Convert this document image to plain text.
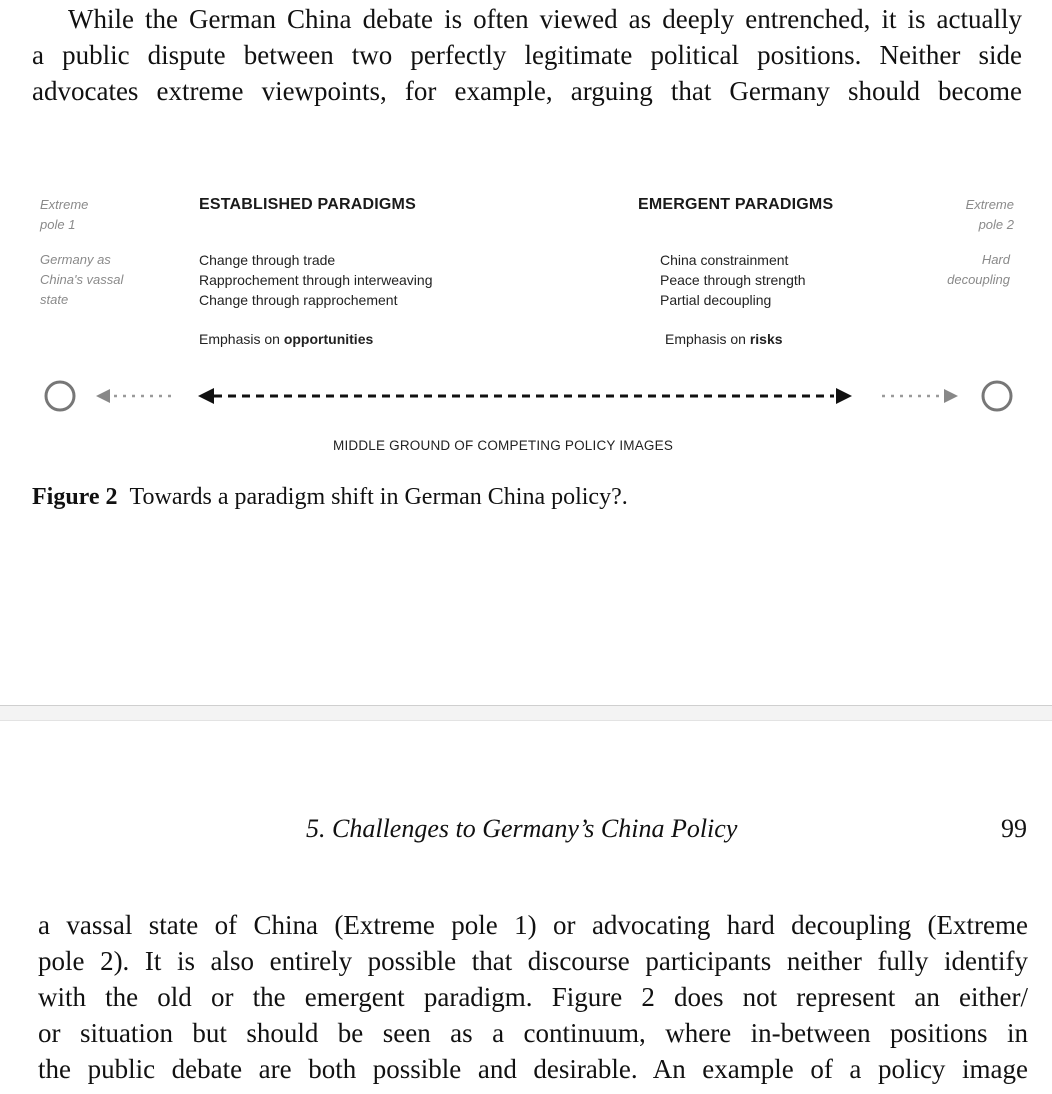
While the German China debate is often viewed as deeply entrenched, it is actually
a public dispute between two perfectly legitimate political positions. Neither side
advocates extreme viewpoints, for example, arguing that Germany should become
Extreme
pole 1
Germany as
China's vassal
state
ESTABLISHED PARADIGMS
Change through trade
Rapprochement through interweaving
Change through rapprochement
Emphasis on opportunities
EMERGENT PARADIGMS
China constrainment
Peace through strength
Partial decoupling
Emphasis on risks
Extreme
pole 2
Hard
decoupling
MIDDLE GROUND OF COMPETING POLICY IMAGES
Figure 2 Towards a paradigm shift in German China policy?.
5. Challenges to Germany’s China Policy	99
a vassal state of China (Extreme pole 1) or advocating hard decoupling (Extreme
pole 2). It is also entirely possible that discourse participants neither fully identify
with the old or the emergent paradigm. Figure 2 does not represent an either/
or situation but should be seen as a continuum, where in-between positions in
the public debate are both possible and desirable. An example of a policy image
